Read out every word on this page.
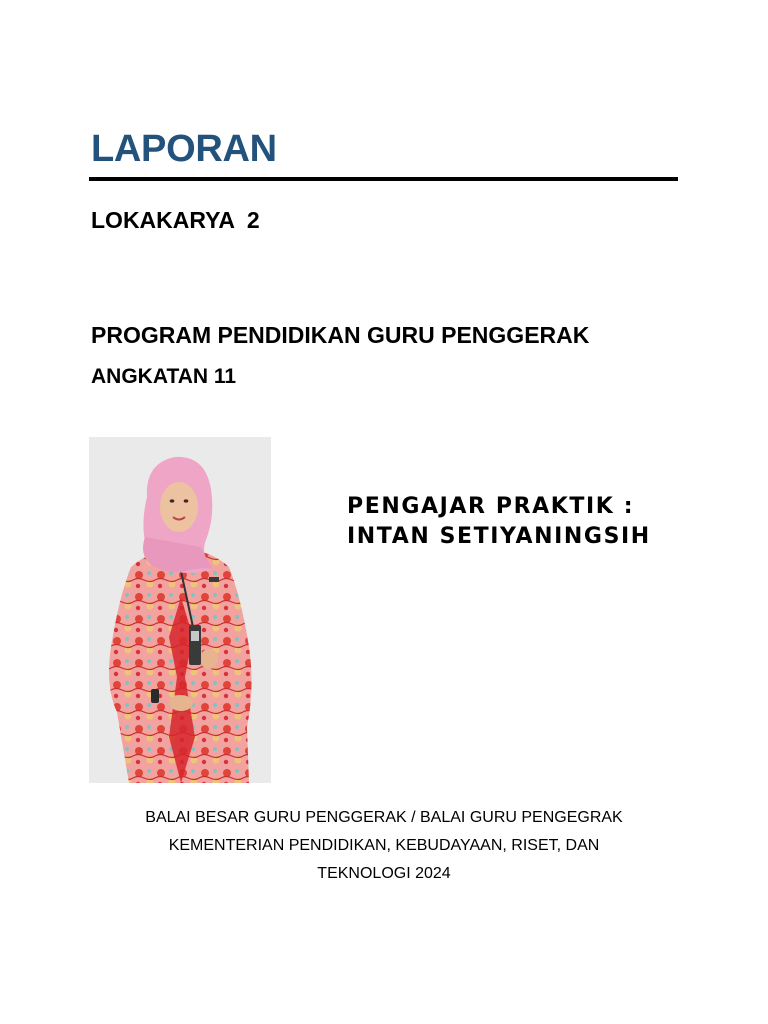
LAPORAN
LOKAKARYA  2
PROGRAM PENDIDIKAN GURU PENGGERAK
ANGKATAN 11
PENGAJAR PRAKTIK :
INTAN SETIYANINGSIH
BALAI BESAR GURU PENGGERAK / BALAI GURU PENGEGRAK
KEMENTERIAN PENDIDIKAN, KEBUDAYAAN, RISET, DAN
TEKNOLOGI 2024
